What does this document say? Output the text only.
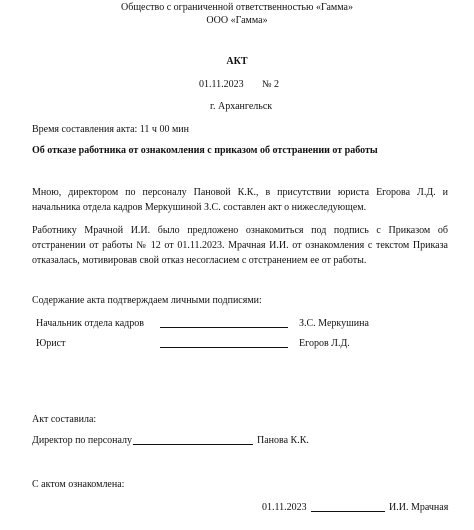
Общество с ограниченной ответственностью «Гамма»
ООО «Гамма»
АКТ
01.11.2023 № 2
г. Архангельск
Время составления акта: 11 ч 00 мин
Об отказе работника от ознакомления с приказом об отстранении от работы
Мною, директором по персоналу Пановой К.К., в присутствии юриста Егорова Л.Д. и начальника отдела кадров Меркушиной З.С. составлен акт о нижеследующем.
Работнику Мрачной И.И. было предложено ознакомиться под подпись с Приказом об отстранении от работы № 12 от 01.11.2023. Мрачная И.И. от ознакомления с текстом Приказа отказалась, мотивировав свой отказ несогласием с отстранением ее от работы.
Содержание акта подтверждаем личными подписями:
Начальник отдела кадров	З.С. Меркушина
Юрист	Егоров Л.Д.
Акт составила:
Директор по персоналу	Панова К.К.
С актом ознакомлена:
01.11.2023	И.И. Мрачная
